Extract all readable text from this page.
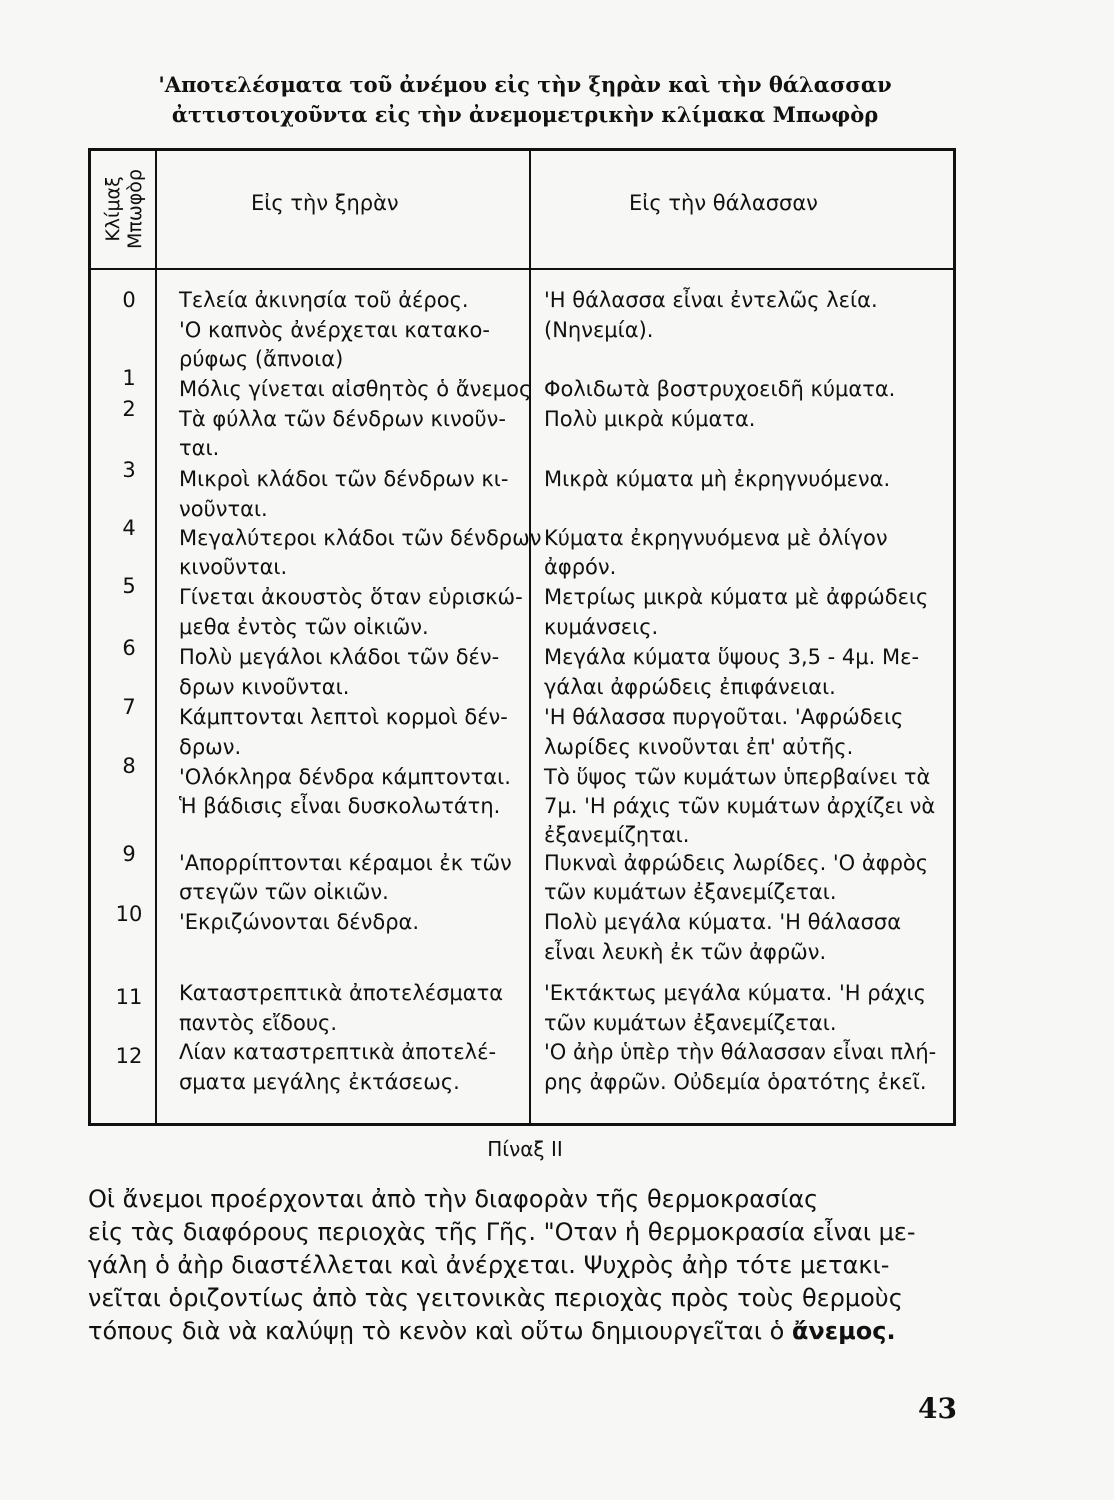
'Αποτελέσματα τοῦ ἀνέμου εἰς τὴν ξηρὰν καὶ τὴν θάλασσαν
ἀττιστοιχοῦντα εἰς τὴν ἀνεμομετρικὴν κλίμακα Μπωφὸρ
Κλίμαξ Μπωφὸρ	Εἰς τὴν ξηρὰν	Εἰς τὴν θάλασσαν
0
1
2
3
4
5
6
7
8
9
10
11
12
Τελεία ἀκινησία τοῦ ἀέρος.
'Ο καπνὸς ἀνέρχεται κατακο-
ρύφως (ἄπνοια)
Μόλις γίνεται αἰσθητὸς ὁ ἄνεμος
Τὰ φύλλα τῶν δένδρων κινοῦν-
ται.
Μικροὶ κλάδοι τῶν δένδρων κι-
νοῦνται.
Μεγαλύτεροι κλάδοι τῶν δένδρων
κινοῦνται.
Γίνεται ἀκουστὸς ὅταν εὑρισκώ-
μεθα ἐντὸς τῶν οἰκιῶν.
Πολὺ μεγάλοι κλάδοι τῶν δέν-
δρων κινοῦνται.
Κάμπτονται λεπτοὶ κορμοὶ δέν-
δρων.
'Ολόκληρα δένδρα κάμπτονται.
Ἡ βάδισις εἶναι δυσκολωτάτη.
'Απορρίπτονται κέραμοι ἐκ τῶν
στεγῶν τῶν οἰκιῶν.
'Εκριζώνονται δένδρα.
Καταστρεπτικὰ ἀποτελέσματα
παντὸς εἴδους.
Λίαν καταστρεπτικὰ ἀποτελέ-
σματα μεγάλης ἐκτάσεως.
'Η θάλασσα εἶναι ἐντελῶς λεία.
(Νηνεμία).
Φολιδωτὰ βοστρυχοειδῆ κύματα.
Πολὺ μικρὰ κύματα.
Μικρὰ κύματα μὴ ἐκρηγνυόμενα.
Κύματα ἐκρηγνυόμενα μὲ ὀλίγον
ἀφρόν.
Μετρίως μικρὰ κύματα μὲ ἀφρώδεις
κυμάνσεις.
Μεγάλα κύματα ὕψους 3,5 - 4μ. Με-
γάλαι ἀφρώδεις ἐπιφάνειαι.
'Η θάλασσα πυργοῦται. 'Αφρώδεις
λωρίδες κινοῦνται ἐπ' αὐτῆς.
Τὸ ὕψος τῶν κυμάτων ὑπερβαίνει τὰ
7μ. 'Η ράχις τῶν κυμάτων ἀρχίζει νὰ
ἐξανεμίζηται.
Πυκναὶ ἀφρώδεις λωρίδες. 'Ο ἀφρὸς
τῶν κυμάτων ἐξανεμίζεται.
Πολὺ μεγάλα κύματα. 'Η θάλασσα
εἶναι λευκὴ ἐκ τῶν ἀφρῶν.
'Εκτάκτως μεγάλα κύματα. 'Η ράχις
τῶν κυμάτων ἐξανεμίζεται.
'Ο ἀὴρ ὑπὲρ τὴν θάλασσαν εἶναι πλή-
ρης ἀφρῶν. Οὐδεμία ὁρατότης ἐκεῖ.
Πίναξ ΙΙ
Οἱ ἄνεμοι προέρχονται ἀπὸ τὴν διαφορὰν τῆς θερμοκρασίας
εἰς τὰς διαφόρους περιοχὰς τῆς Γῆς. "Οταν ἡ θερμοκρασία εἶναι με-
γάλη ὁ ἀὴρ διαστέλλεται καὶ ἀνέρχεται. Ψυχρὸς ἀὴρ τότε μετακι-
νεῖται ὁριζοντίως ἀπὸ τὰς γειτονικὰς περιοχὰς πρὸς τοὺς θερμοὺς
τόπους διὰ νὰ καλύψῃ τὸ κενὸν καὶ οὕτω δημιουργεῖται ὁ ἄνεμος.
43
